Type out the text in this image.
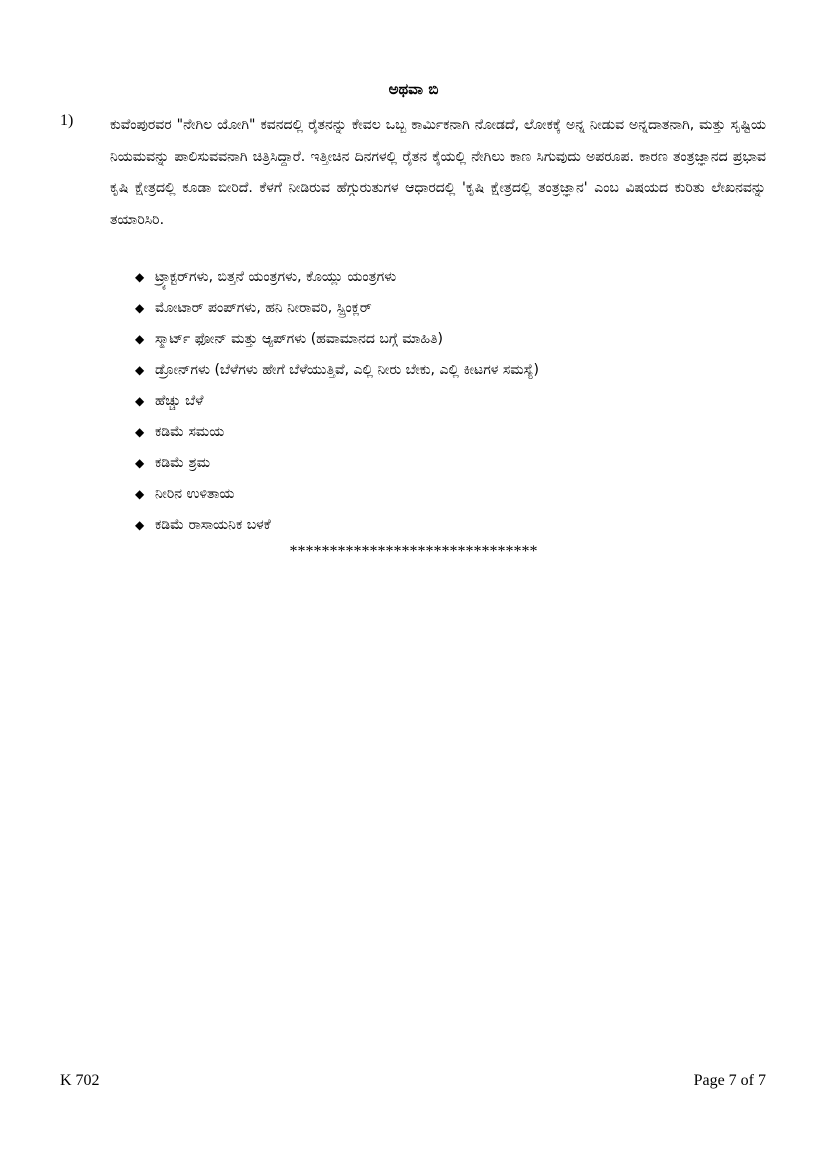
ಅಥವಾ ಬಿ
1)	ಕುವೆಂಪುರವರ "ನೇಗಿಲ ಯೋಗಿ" ಕವನದಲ್ಲಿ ರೈತನನ್ನು ಕೇವಲ ಒಬ್ಬ ಕಾರ್ಮಿಕನಾಗಿ ನೋಡದೆ, ಲೋಕಕ್ಕೆ ಅನ್ನ ನೀಡುವ ಅನ್ನದಾತನಾಗಿ, ಮತ್ತು ಸೃಷ್ಟಿಯ ನಿಯಮವನ್ನು ಪಾಲಿಸುವವನಾಗಿ ಚಿತ್ರಿಸಿದ್ದಾರೆ. ಇತ್ತೀಚಿನ ದಿನಗಳಲ್ಲಿ ರೈತನ ಕೈಯಲ್ಲಿ ನೇಗಿಲು ಕಾಣ ಸಿಗುವುದು ಅಪರೂಪ. ಕಾರಣ ತಂತ್ರಜ್ಞಾನದ ಪ್ರಭಾವ ಕೃಷಿ ಕ್ಷೇತ್ರದಲ್ಲಿ ಕೂಡಾ ಬೀರಿದೆ. ಕೆಳಗೆ ನೀಡಿರುವ ಹೆಗ್ಗುರುತುಗಳ ಆಧಾರದಲ್ಲಿ 'ಕೃಷಿ ಕ್ಷೇತ್ರದಲ್ಲಿ ತಂತ್ರಜ್ಞಾನ' ಎಂಬ ವಿಷಯದ ಕುರಿತು ಲೇಖನವನ್ನು ತಯಾರಿಸಿರಿ.

◆ ಟ್ರ್ಯಾಕ್ಟರ್‌ಗಳು, ಬಿತ್ತನೆ ಯಂತ್ರಗಳು, ಕೊಯ್ಲು ಯಂತ್ರಗಳು
◆ ಮೋಟಾರ್ ಪಂಪ್‌ಗಳು, ಹನಿ ನೀರಾವರಿ, ಸ್ಪ್ರಿಂಕ್ಲರ್
◆ ಸ್ಮಾರ್ಟ್ ಫೋನ್ ಮತ್ತು ಆ್ಯಪ್‌ಗಳು (ಹವಾಮಾನದ ಬಗ್ಗೆ ಮಾಹಿತಿ)
◆ ಡ್ರೋನ್‌ಗಳು (ಬೆಳೆಗಳು ಹೇಗೆ ಬೆಳೆಯುತ್ತಿವೆ, ಎಲ್ಲಿ ನೀರು ಬೇಕು, ಎಲ್ಲಿ ಕೀಟಗಳ ಸಮಸ್ಯೆ)
◆ ಹೆಚ್ಚು ಬೆಳೆ
◆ ಕಡಿಮೆ ಸಮಯ
◆ ಕಡಿಮೆ ಶ್ರಮ
◆ ನೀರಿನ ಉಳಿತಾಯ
◆ ಕಡಿಮೆ ರಾಸಾಯನಿಕ ಬಳಕೆ
*******************************
K 702	Page 7 of 7
